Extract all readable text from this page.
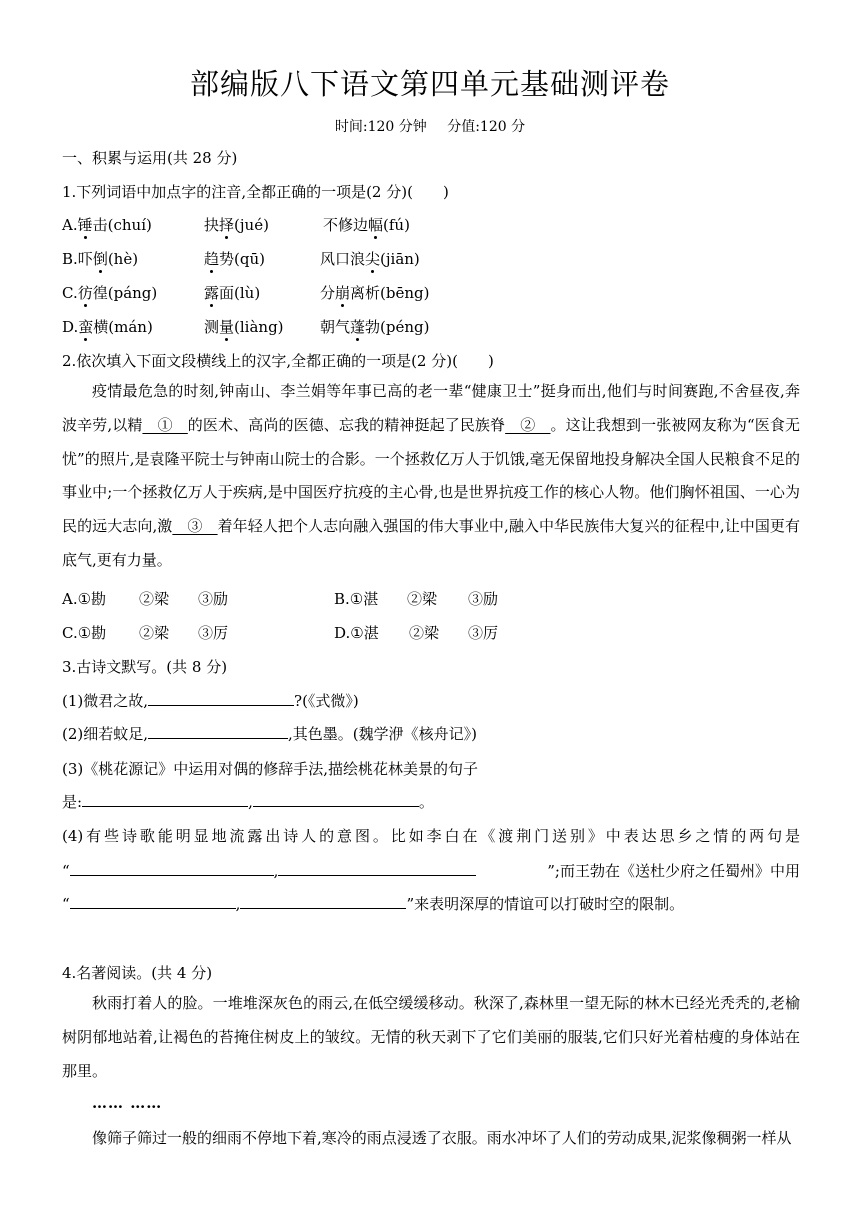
部编版八下语文第四单元基础测评卷
时间:120 分钟 分值:120 分
一、积累与运用(共 28 分)
1.下列词语中加点字的注音,全都正确的一项是(2 分)(　　)
A.锤击(chuí)	抉择(jué)	不修边幅(fú)
B.吓倒(hè)	趋势(qū)	风口浪尖(jiān)
C.彷徨(páng)	露面(lù)	分崩离析(bēng)
D.蛮横(mán)	测量(liàng) 朝气蓬勃(péng)
2.依次填入下面文段横线上的汉字,全都正确的一项是(2 分)(　　)
疫情最危急的时刻,钟南山、李兰娟等年事已高的老一辈“健康卫士”挺身而出,他们与时间赛跑,不舍昼夜,奔波辛劳,以精　①　的医术、高尚的医德、忘我的精神挺起了民族脊　②　。这让我想到一张被网友称为“医食无忧”的照片,是袁隆平院士与钟南山院士的合影。一个拯救亿万人于饥饿,毫无保留地投身解决全国人民粮食不足的事业中;一个拯救亿万人于疾病,是中国医疗抗疫的主心骨,也是世界抗疫工作的核心人物。他们胸怀祖国、一心为民的远大志向,激　③　着年轻人把个人志向融入强国的伟大事业中,融入中华民族伟大复兴的征程中,让中国更有底气,更有力量。
A.①勘 ②梁 ③励	B.①湛 ②梁 ③励
C.①勘 ②梁 ③厉	D.①湛 ②梁 ③厉
3.古诗文默写。(共 8 分)
(1)微君之故,	?(《式微》)
(2)细若蚊足,	,其色墨。(魏学洢《核舟记》)
(3)《桃花源记》中运用对偶的修辞手法,描绘桃花林美景的句子
是:	,	。
(4)有些诗歌能明显地流露出诗人的意图。比如李白在《渡荆门送别》中表达思乡之情的两句是
“	,	”;而王勃在《送杜少府之任蜀州》中用
“	,	”来表明深厚的情谊可以打破时空的限制。
4.名著阅读。(共 4 分)
秋雨打着人的脸。一堆堆深灰色的雨云,在低空缓缓移动。秋深了,森林里一望无际的林木已经光秃秃的,老榆树阴郁地站着,让褐色的苔掩住树皮上的皱纹。无情的秋天剥下了它们美丽的服装,它们只好光着枯瘦的身体站在那里。
…… ……
像筛子筛过一般的细雨不停地下着,寒冷的雨点浸透了衣服。雨水冲坏了人们的劳动成果,泥浆像稠粥一样从
